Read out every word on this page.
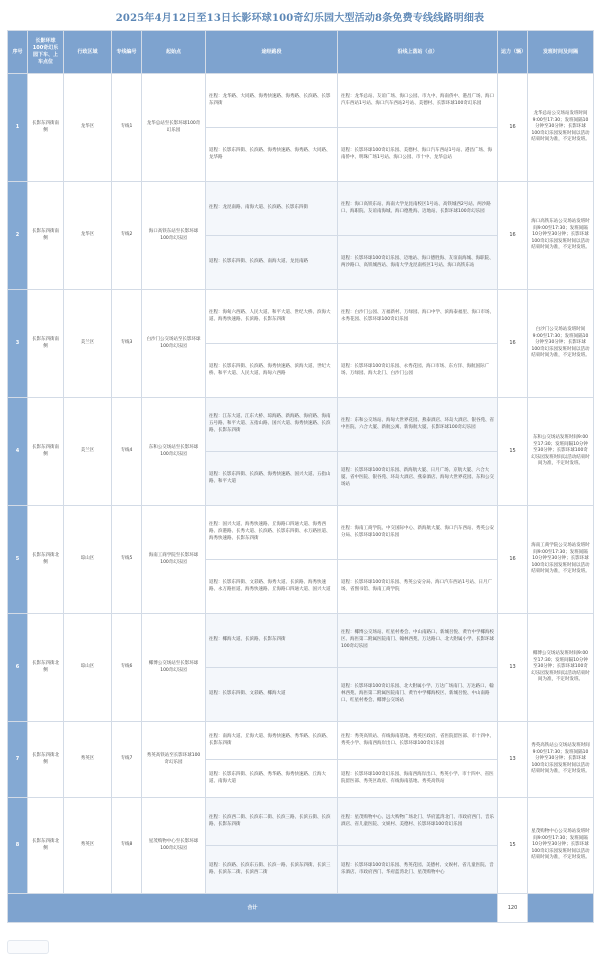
2025年4月12日至13日长影环球100奇幻乐园大型活动8条免费专线线路明细表
序号	长影环球100奇幻乐园下车、上车点位	行政区域	专线编号	起始点	途经路段	沿线上落站（点）	运力（辆）	发班时间及间隔
1	长影东四街南侧	龙华区	专线1	龙华总站至长影环球100奇幻乐园	往程：龙华路、大同路、海秀快速路、海秀路、长滨路、长影东四街	往程：龙华总站、友谊广场、海口公园、市九中、海南侨中、港昌广场、海口汽车西站1号站、海口汽车西站2号站、美德村、长影环球100奇幻乐园	16	龙华总站公交场站发班时间9:00至17:30；发班间隔10分钟至30分钟；长影环球100奇幻乐园发班时间以活动结束时间为准，不定时发班。
					返程：长影东四街、长滨路、海秀快速路、海秀路、大同路、龙华路	返程：长影环球100奇幻乐园、美德村、海口汽车西站1号站、港昌广场、海南侨中、明珠广场1号站、海口公园、市十中、龙华总站		
2	长影东四街南侧	龙华区	专线2	海口高铁东站至长影环球100奇幻乐园	往程：龙昆南路、南海大道、长滨路、长影东四街	往程：海口高铁东站、海南大学龙昆南校区1号站、高铁城西2号站、两沙路口、海职院、友谊南海城、海口德胜海、迈地站、长影环球100奇幻乐园	16	海口高铁东站公交场站发班时间9:00至17:30；发班间隔10分钟至30分钟；长影环球100奇幻乐园发班时间以活动结束时间为准，不定时发班。
					返程：长影东四街、长滨路、南海大道、龙昆南路	返程：长影环球100奇幻乐园、迈地站、海口德胜海、友谊南海城、海职院、两沙路口、高铁城西站、海南大学龙昆南校区1号站、海口高铁东站		
3	长影东四街南侧	美兰区	专线3	白沙门公交场站至长影环球100奇幻乐园	往程：海甸六西路、人民大道、和平大道、世纪大桥、滨海大道、海秀快速路、长滨路、长影东四街	往程：白沙门公园、万福新村、万绿园、海口中学、滨海泰福里、海口市场、永秀花园、长影环球100奇幻乐园	16	白沙门公交场站发班时间9:00至17:30；发班间隔10分钟至30分钟；长影环球100奇幻乐园发班时间以活动结束时间为准，不定时发班。
					返程：长影东四街、长滨路、海秀快速路、滨海大道、世纪大桥、和平大道、人民大道、海甸六西路	返程：长影环球100奇幻乐园、永秀花园、海口市场、东方洋、海航国际广场、万绿园、海大北门、白沙门公园		
4	长影东四街南侧	美兰区	专线4	东和公交场站至长影环球100奇幻乐园	往程：江东大道、江东大桥、琼海路、新海路、海府路、海南五号路、和平大道、五指山路、国兴大道、海秀快速路、长滨路、长影东四街	往程：东和公交场站、海甸大世界花园、燕泰酒店、环岛大酒店、银谷苑、省中医院、六合大厦、新航公寓、新海航大厦、长影环球100奇幻乐园	15	东和公交场站发班时间9:00至17:30；发班间隔10分钟至30分钟；长影环球100奇幻乐园发班时间以活动结束时间为准，不定时发班。
					返程：长影东四街、长滨路、海秀快速路、国兴大道、五指山路、和平大道	返程：长影环球100奇幻乐园、新海航大厦、日月广场、京航大厦、六合大厦、省中医院、银谷苑、环岛大酒店、燕泰酒店、海甸大世界花园、东和公交场站		
5	长影东四街北侧	琼山区	专线5	海南工商学院至长影环球100奇幻乐园	往程：国兴大道、海秀快速路、丘海路口四通大道、海秀西路、滨港路、长秀大道、长滨路、长影东四街、永万路匝道、海秀快速路、长影东四街	往程：海南工商学院、中交国际中心、新海航大厦、海口汽车西站、秀英公安分局、长影环球100奇幻乐园	16	海南工商学院公交场站发班时间9:00至17:30；发班间隔10分钟至30分钟；长影环球100奇幻乐园发班时间以活动结束时间为准，不定时发班。
					返程：长影东四街、文彩路、海秀大道、长滨路、海秀快速路、永万路匝道、海秀快速路、丘海路口四通大道、国兴大道	返程：长影环球100奇幻乐园、秀英公安分局、海口汽车西站1号站、日月广场、省图书馆、海南工商学院		
6	长影东四街北侧	琼山区	专线6	椰博公交场站至长影环球100奇幻乐园	往程：椰海大道、长滨路、长影东四街	往程：椰博公交场站、红星村委会、中山南路口、新城吾悦、黄竹中学椰海校区、海医第二附属医院南门、翰林西苑、万达路口、北大附属小学、长影环球100奇幻乐园	13	椰博公交场站发班时间9:00至17:30；发班间隔10分钟至30分钟；长影环球100奇幻乐园发班时间以活动结束时间为准，不定时发班。
					返程：长影东四街、文彩路、椰海大道	返程：长影环球100奇幻乐园、北大附属小学、万达广场南门、万达路口、翰林西苑、海医第二附属医院南门、黄竹中学椰海校区、新城吾悦、中山南路口、红星村委会、椰博公交场站		
7	长影东四街北侧	秀英区	专线7	秀英高铁站至长影环球100奇幻乐园	往程：南海大道、丘海大道、海秀快速路、秀华路、长滨路、长影东四街	往程：秀英高铁站、有线海南基地、秀英区政府、省医院留医部、市十四中、秀英小学、海南西海岸出口、长影环球100奇幻乐园	13	秀英高铁站公交场站发班时间9:00至17:30；发班间隔10分钟至30分钟；长影环球100奇幻乐园发班时间以活动结束时间为准，不定时发班。
					返程：长影东四街、长滨路、秀华路、海秀快速路、丘海大道、南海大道	返程：长影环球100奇幻乐园、海南西海岸出口、秀英小学、市十四中、省医院留医部、秀英区政府、有线海南基地、秀英高铁站		
8	长影东四街北侧	秀英区	专线8	星茂购物中心至长影环球100奇幻乐园	往程：长滨西二街、长滨东二街、长滨三路、长滨五街、长滨路、长影东四街	往程：星茂购物中心、远大购物广场北门、华府蓝湾北门、市政府西门、音乐酒店、省儿童医院、文娱村、美德村、长影环球100奇幻乐园	15	星茂购物中心公交场站发班时间9:00至17:30；发班间隔10分钟至30分钟；长影环球100奇幻乐园发班时间以活动结束时间为准，不定时发班。
					返程：长滨路、长滨东五街、长滨一路、长滨东四街、长滨三路、长滨东二街、长滨西二街	返程：长影环球100奇幻乐园、秀英花园、美德村、文娱村、省儿童医院、音乐酒店、市政府西门、华府蓝湾北门、星茂购物中心		
合计							120	
